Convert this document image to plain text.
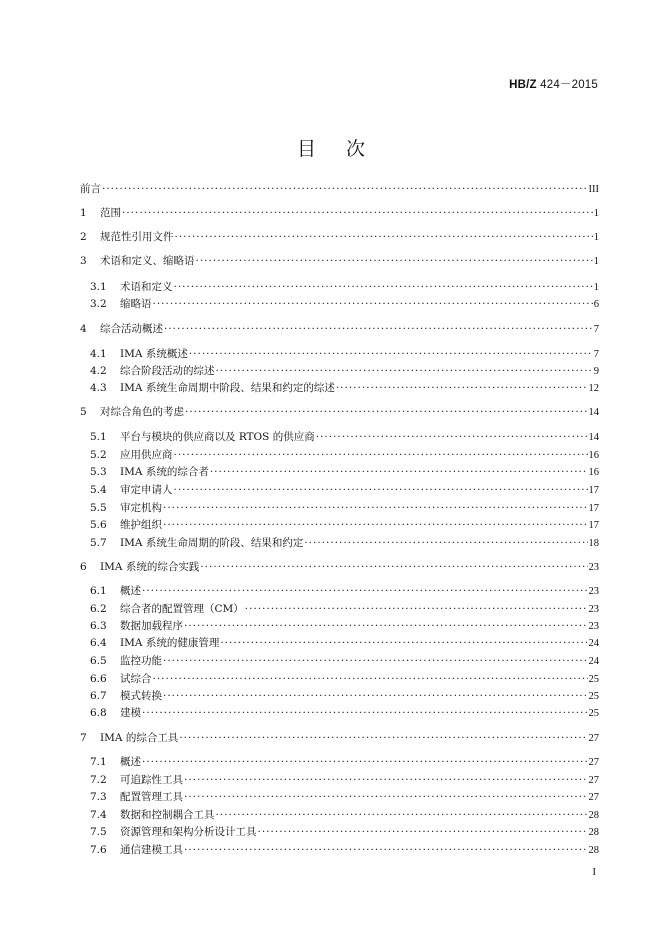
HB/Z 424－2015
目次
前言 ·····	III
1	范围 ·····	1
2	规范性引用文件 ·····	1
3	术语和定义、缩略语 ·····	1
3.1	术语和定义 ·····	1
3.2	缩略语 ·····	6
4	综合活动概述 ·····	7
4.1	IMA 系统概述 ·····	7
4.2	综合阶段活动的综述 ·····	9
4.3	IMA 系统生命周期中阶段、结果和约定的综述 ·····	12
5	对综合角色的考虑 ·····	14
5.1	平台与模块的供应商以及 RTOS 的供应商 ·····	14
5.2	应用供应商 ·····	16
5.3	IMA 系统的综合者 ·····	16
5.4	审定申请人 ·····	17
5.5	审定机构 ·····	17
5.6	维护组织 ·····	17
5.7	IMA 系统生命周期的阶段、结果和约定 ·····	18
6	IMA 系统的综合实践 ·····	23
6.1	概述 ·····	23
6.2	综合者的配置管理（CM） ·····	23
6.3	数据加载程序 ·····	23
6.4	IMA 系统的健康管理 ·····	24
6.5	监控功能 ·····	24
6.6	试综合 ·····	25
6.7	模式转换 ·····	25
6.8	建模 ·····	25
7	IMA 的综合工具 ·····	27
7.1	概述 ·····	27
7.2	可追踪性工具 ·····	27
7.3	配置管理工具 ·····	27
7.4	数据和控制耦合工具 ·····	28
7.5	资源管理和架构分析设计工具 ·····	28
7.6	通信建模工具 ·····	28
I
